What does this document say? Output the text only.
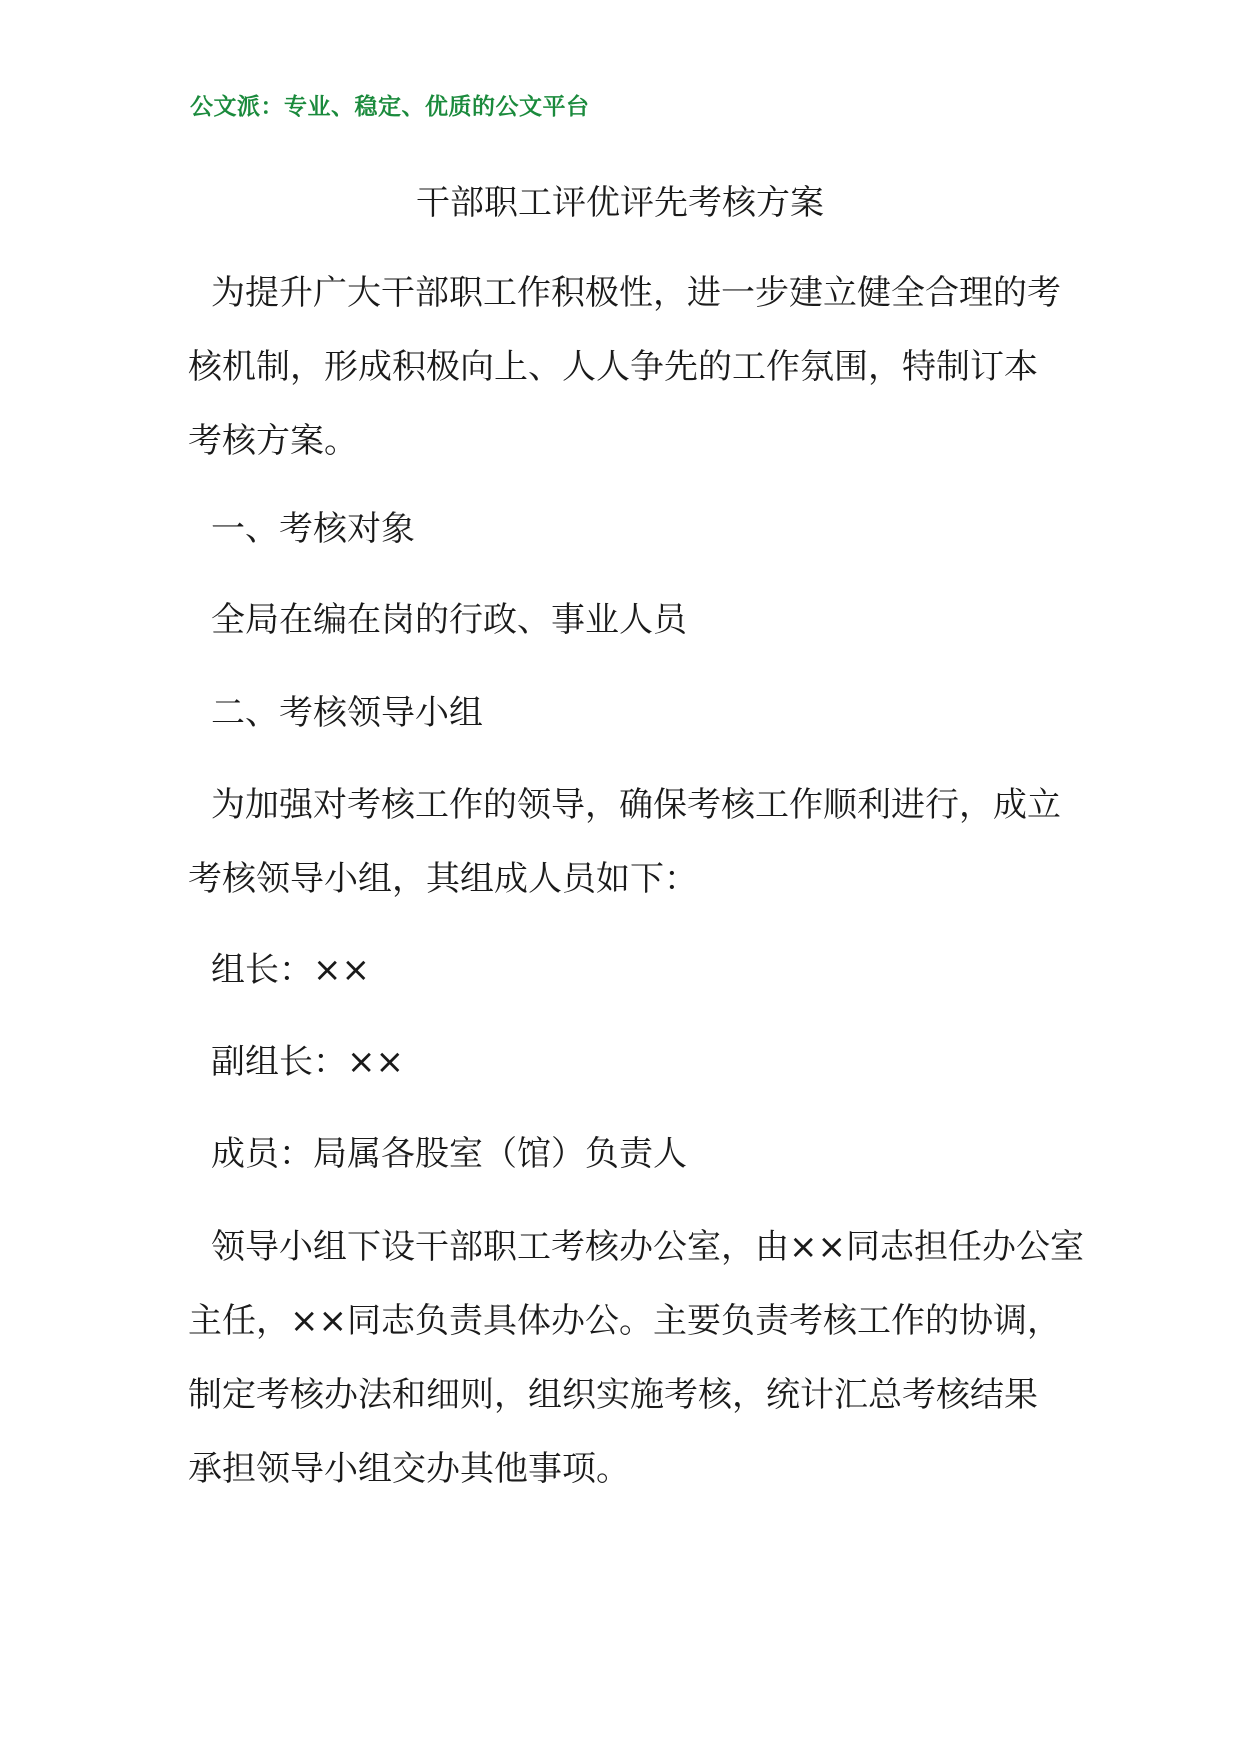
公文派：专业、稳定、优质的公文平台
干部职工评优评先考核方案
为提升广大干部职工作积极性，进一步建立健全合理的考
核机制，形成积极向上、人人争先的工作氛围，特制订本
考核方案。
一、考核对象
全局在编在岗的行政、事业人员
二、考核领导小组
为加强对考核工作的领导，确保考核工作顺利进行，成立
考核领导小组，其组成人员如下：
组长：××
副组长：××
成员：局属各股室（馆）负责人
领导小组下设干部职工考核办公室，由××同志担任办公室
主任，××同志负责具体办公。主要负责考核工作的协调，
制定考核办法和细则，组织实施考核，统计汇总考核结果
承担领导小组交办其他事项。
